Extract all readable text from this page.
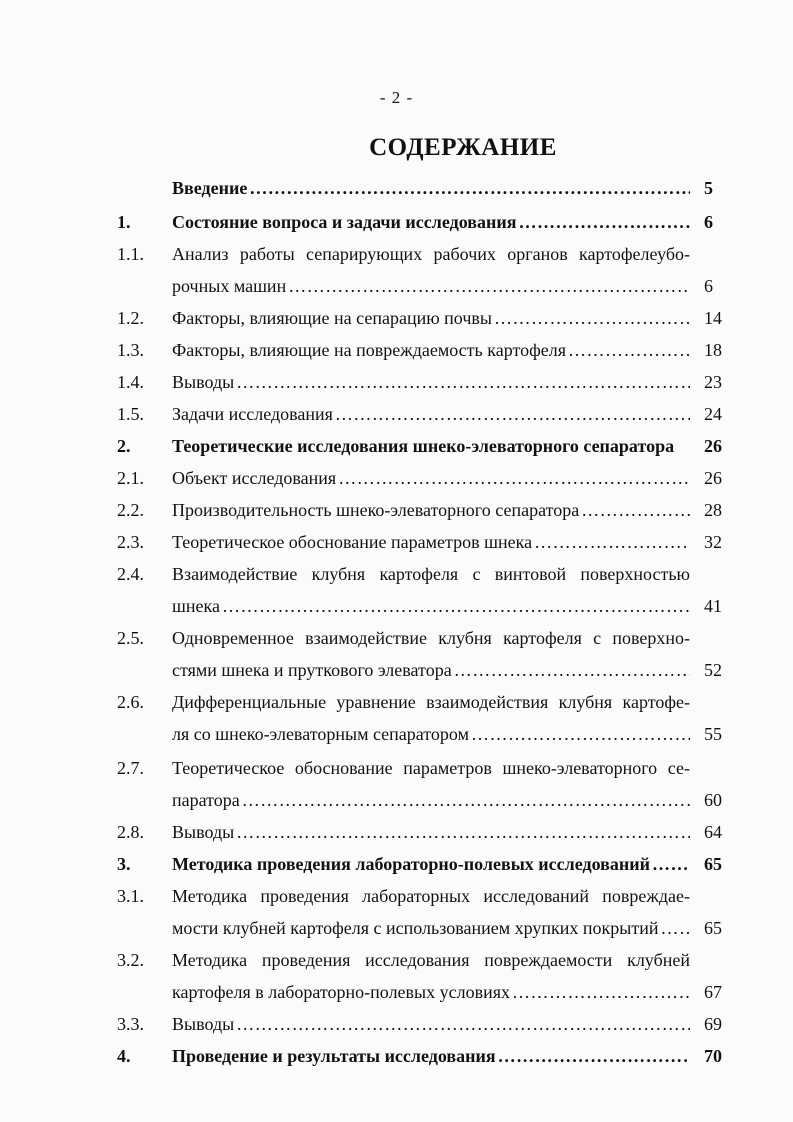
- 2 -
СОДЕРЖАНИЕ
Введение ………………………………………………………………………………………………………………………………	5
1. Состояние вопроса и задачи исследования ………………………………………………………………………………………………………………………………	6
1.1. Анализ работы сепарирующих рабочих органов картофелеубо-
рочных машин ………………………………………………………………………………………………………………………………	6
1.2. Факторы, влияющие на сепарацию почвы ………………………………………………………………………………………………………………………………	14
1.3. Факторы, влияющие на повреждаемость картофеля ………………………………………………………………………………………………………………………………	18
1.4. Выводы ………………………………………………………………………………………………………………………………	23
1.5. Задачи исследования ………………………………………………………………………………………………………………………………	24
2. Теоретические исследования шнеко-элеваторного сепаратора 26
2.1. Объект исследования ………………………………………………………………………………………………………………………………	26
2.2. Производительность шнеко-элеваторного сепаратора ………………………………………………………………………………………………………………………………	28
2.3. Теоретическое обоснование параметров шнека ………………………………………………………………………………………………………………………………	32
2.4. Взаимодействие клубня картофеля с винтовой поверхностью
шнека ………………………………………………………………………………………………………………………………	41
2.5. Одновременное взаимодействие клубня картофеля с поверхно-
стями шнека и пруткового элеватора ………………………………………………………………………………………………………………………………	52
2.6. Дифференциальные уравнение взаимодействия клубня картофе-
ля со шнеко-элеваторным сепаратором ………………………………………………………………………………………………………………………………	55
2.7. Теоретическое обоснование параметров шнеко-элеваторного се-
паратора ………………………………………………………………………………………………………………………………	60
2.8. Выводы ………………………………………………………………………………………………………………………………	64
3. Методика проведения лабораторно-полевых исследований ………………………………………………………………………………………………………………………………	65
3.1. Методика проведения лабораторных исследований повреждае-
мости клубней картофеля с использованием хрупких покрытий ………………………………………………………………………………………………………………………………	65
3.2. Методика проведения исследования повреждаемости клубней
картофеля в лабораторно-полевых условиях ………………………………………………………………………………………………………………………………	67
3.3. Выводы ………………………………………………………………………………………………………………………………	69
4. Проведение и результаты исследования ………………………………………………………………………………………………………………………………	70
